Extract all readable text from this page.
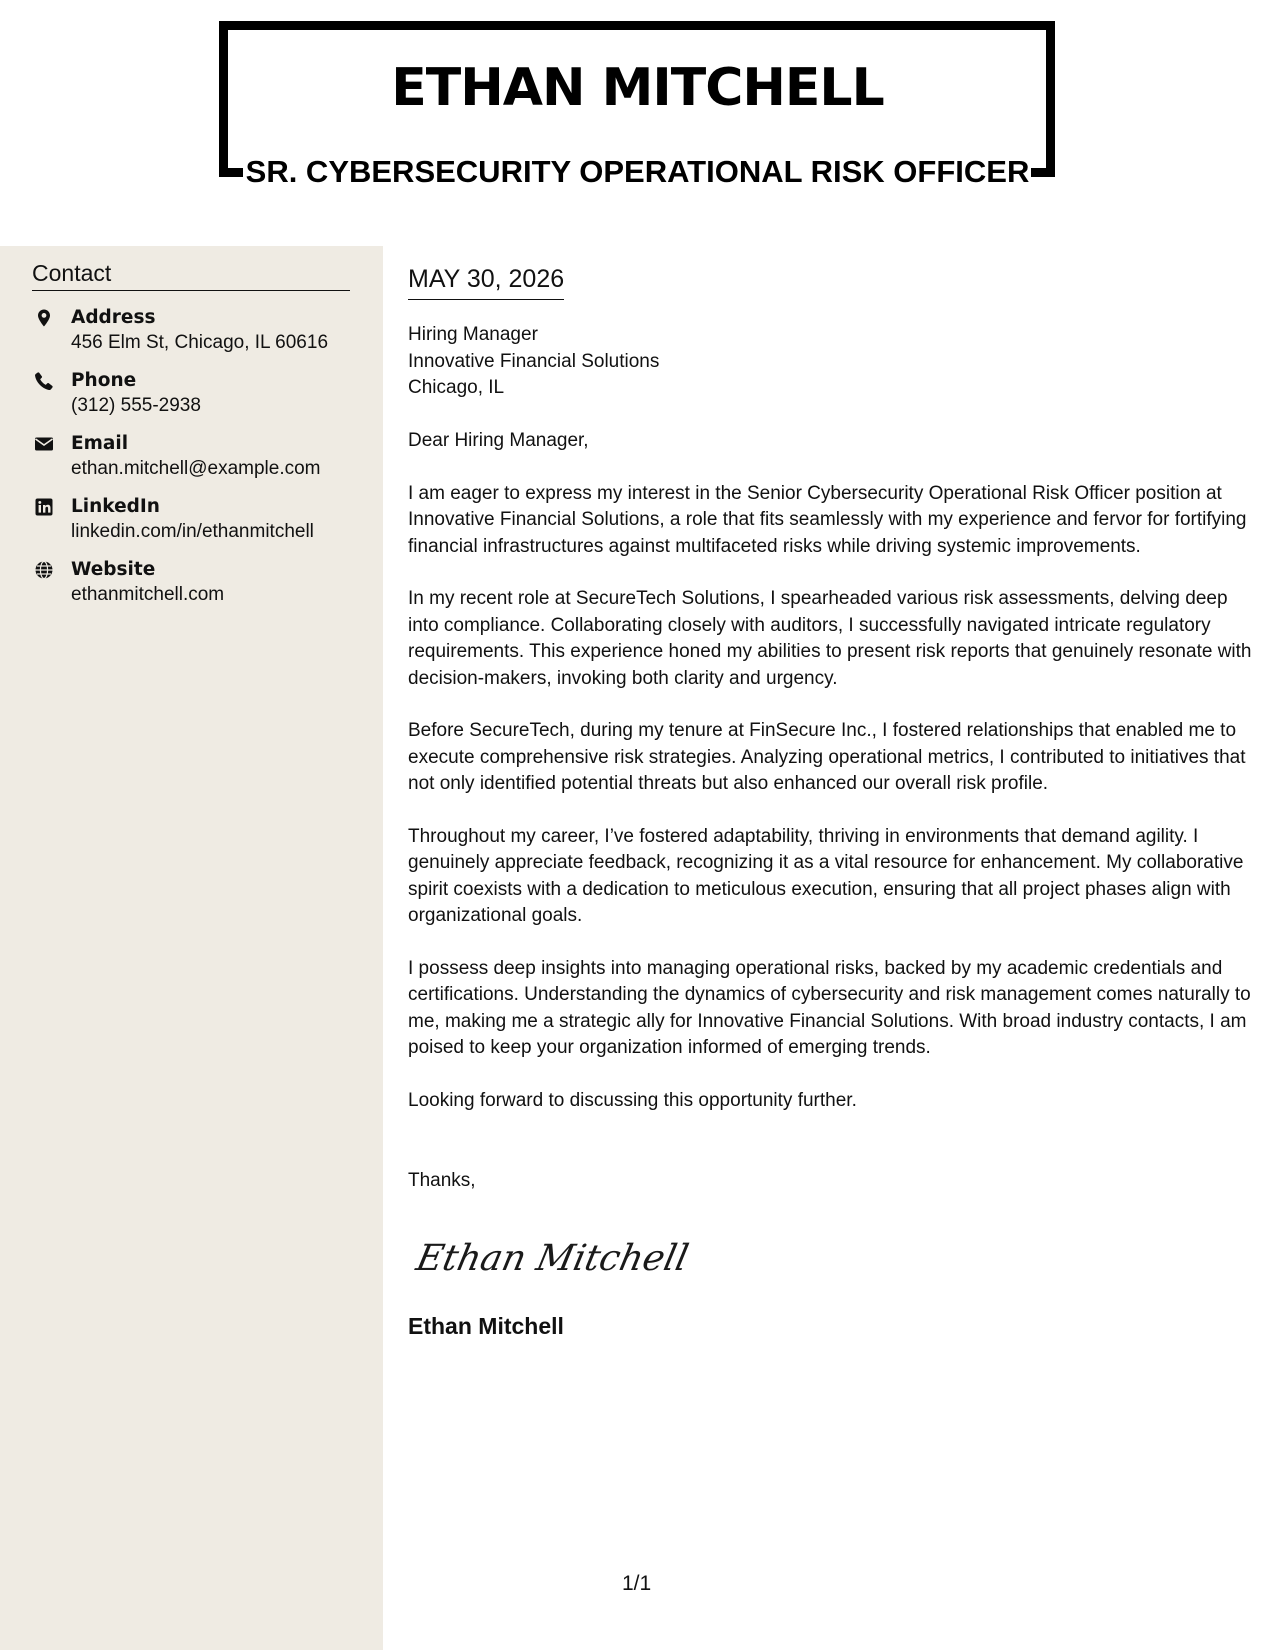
ETHAN MITCHELL
SR. CYBERSECURITY OPERATIONAL RISK OFFICER
Contact
Address
456 Elm St, Chicago, IL 60616
Phone
(312) 555-2938
Email
ethan.mitchell@example.com
LinkedIn
linkedin.com/in/ethanmitchell
Website
ethanmitchell.com
MAY 30, 2026
Hiring Manager
Innovative Financial Solutions
Chicago, IL

Dear Hiring Manager,

I am eager to express my interest in the Senior Cybersecurity Operational Risk Officer position at Innovative Financial Solutions, a role that fits seamlessly with my experience and fervor for fortifying financial infrastructures against multifaceted risks while driving systemic improvements.

In my recent role at SecureTech Solutions, I spearheaded various risk assessments, delving deep into compliance. Collaborating closely with auditors, I successfully navigated intricate regulatory requirements. This experience honed my abilities to present risk reports that genuinely resonate with decision-makers, invoking both clarity and urgency.

Before SecureTech, during my tenure at FinSecure Inc., I fostered relationships that enabled me to execute comprehensive risk strategies. Analyzing operational metrics, I contributed to initiatives that not only identified potential threats but also enhanced our overall risk profile.

Throughout my career, I’ve fostered adaptability, thriving in environments that demand agility. I genuinely appreciate feedback, recognizing it as a vital resource for enhancement. My collaborative spirit coexists with a dedication to meticulous execution, ensuring that all project phases align with organizational goals.

I possess deep insights into managing operational risks, backed by my academic credentials and certifications. Understanding the dynamics of cybersecurity and risk management comes naturally to me, making me a strategic ally for Innovative Financial Solutions. With broad industry contacts, I am poised to keep your organization informed of emerging trends.

Looking forward to discussing this opportunity further.

Thanks,
Ethan Mitchell
Ethan Mitchell
1/1
